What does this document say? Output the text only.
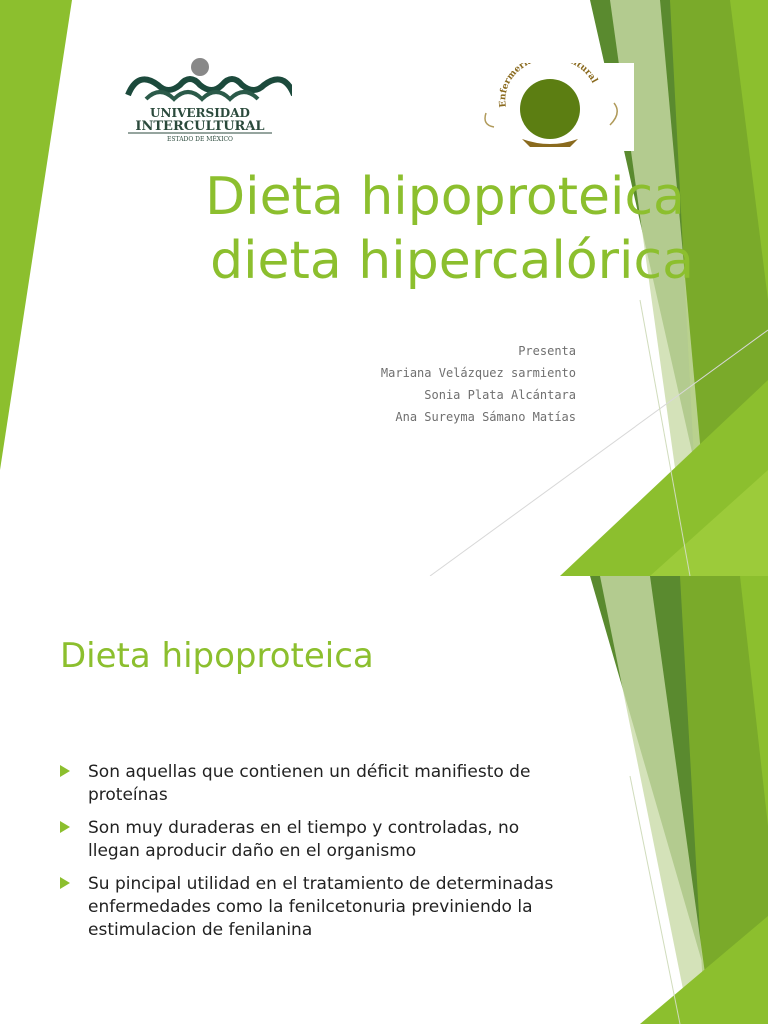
UNIVERSIDAD
INTERCULTURAL
ESTADO DE MÉXICO
Enfermerí ltural
Dieta hipoproteica

dieta hipercalórica
Presenta
Mariana Velázquez sarmiento
Sonia Plata Alcántara
Ana Sureyma Sámano Matías
Dieta hipoproteica
Son aquellas que contienen un déficit manifiesto de proteínas
Son muy duraderas en el tiempo y controladas, no llegan aproducir daño en el organismo
Su pincipal utilidad en el tratamiento de determinadas enfermedades como la fenilcetonuria previniendo la estimulacion de fenilanina
